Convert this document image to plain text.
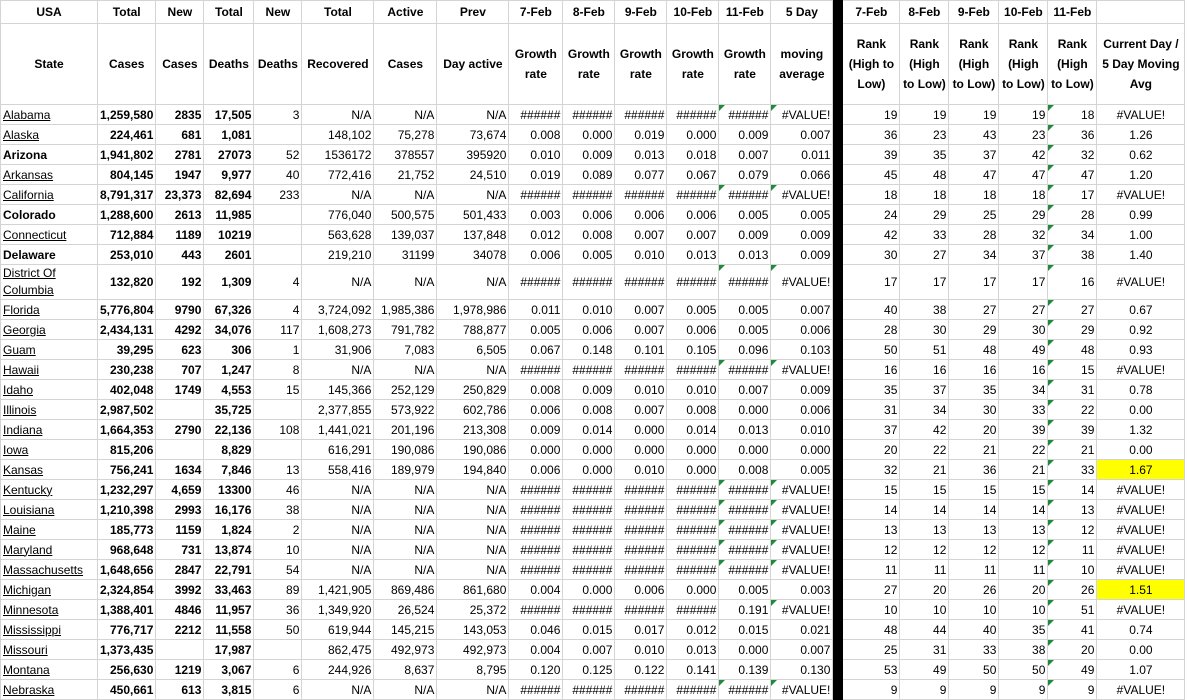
USA	Total	New	Total	New	Total	Active	Prev	7-Feb	8-Feb	9-Feb	10-Feb	11-Feb	5 Day		7-Feb	8-Feb	9-Feb	10-Feb	11-Feb	
State	Cases	Cases	Deaths	Deaths	Recovered	Cases	Day active	Growth rate	Growth rate	Growth rate	Growth rate	Growth rate	moving average		Rank (High to Low)	Rank (High to Low)	Rank (High to Low)	Rank (High to Low)	Rank (High to Low)	Current Day / 5 Day Moving Avg
Alabama	1,259,580	2835	17,505	3	N/A	N/A	N/A	######	######	######	######	######	#VALUE!		19	19	19	19	18	#VALUE!
Alaska	224,461	681	1,081		148,102	75,278	73,674	0.008	0.000	0.019	0.000	0.009	0.007		36	23	43	23	36	1.26
Arizona	1,941,802	2781	27073	52	1536172	378557	395920	0.010	0.009	0.013	0.018	0.007	0.011		39	35	37	42	32	0.62
Arkansas	804,145	1947	9,977	40	772,416	21,752	24,510	0.019	0.089	0.077	0.067	0.079	0.066		45	48	47	47	47	1.20
California	8,791,317	23,373	82,694	233	N/A	N/A	N/A	######	######	######	######	######	#VALUE!		18	18	18	18	17	#VALUE!
Colorado	1,288,600	2613	11,985		776,040	500,575	501,433	0.003	0.006	0.006	0.006	0.005	0.005		24	29	25	29	28	0.99
Connecticut	712,884	1189	10219		563,628	139,037	137,848	0.012	0.008	0.007	0.007	0.009	0.009		42	33	28	32	34	1.00
Delaware	253,010	443	2601		219,210	31199	34078	0.006	0.005	0.010	0.013	0.013	0.009		30	27	34	37	38	1.40
District Of Columbia	132,820	192	1,309	4	N/A	N/A	N/A	######	######	######	######	######	#VALUE!		17	17	17	17	16	#VALUE!
Florida	5,776,804	9790	67,326	4	3,724,092	1,985,386	1,978,986	0.011	0.010	0.007	0.005	0.005	0.007		40	38	27	27	27	0.67
Georgia	2,434,131	4292	34,076	117	1,608,273	791,782	788,877	0.005	0.006	0.007	0.006	0.005	0.006		28	30	29	30	29	0.92
Guam	39,295	623	306	1	31,906	7,083	6,505	0.067	0.148	0.101	0.105	0.096	0.103		50	51	48	49	48	0.93
Hawaii	230,238	707	1,247	8	N/A	N/A	N/A	######	######	######	######	######	#VALUE!		16	16	16	16	15	#VALUE!
Idaho	402,048	1749	4,553	15	145,366	252,129	250,829	0.008	0.009	0.010	0.010	0.007	0.009		35	37	35	34	31	0.78
Illinois	2,987,502		35,725		2,377,855	573,922	602,786	0.006	0.008	0.007	0.008	0.000	0.006		31	34	30	33	22	0.00
Indiana	1,664,353	2790	22,136	108	1,441,021	201,196	213,308	0.009	0.014	0.000	0.014	0.013	0.010		37	42	20	39	39	1.32
Iowa	815,206		8,829		616,291	190,086	190,086	0.000	0.000	0.000	0.000	0.000	0.000		20	22	21	22	21	0.00
Kansas	756,241	1634	7,846	13	558,416	189,979	194,840	0.006	0.000	0.010	0.000	0.008	0.005		32	21	36	21	33	1.67
Kentucky	1,232,297	4,659	13300	46	N/A	N/A	N/A	######	######	######	######	######	#VALUE!		15	15	15	15	14	#VALUE!
Louisiana	1,210,398	2993	16,176	38	N/A	N/A	N/A	######	######	######	######	######	#VALUE!		14	14	14	14	13	#VALUE!
Maine	185,773	1159	1,824	2	N/A	N/A	N/A	######	######	######	######	######	#VALUE!		13	13	13	13	12	#VALUE!
Maryland	968,648	731	13,874	10	N/A	N/A	N/A	######	######	######	######	######	#VALUE!		12	12	12	12	11	#VALUE!
Massachusetts	1,648,656	2847	22,791	54	N/A	N/A	N/A	######	######	######	######	######	#VALUE!		11	11	11	11	10	#VALUE!
Michigan	2,324,854	3992	33,463	89	1,421,905	869,486	861,680	0.004	0.000	0.006	0.000	0.005	0.003		27	20	26	20	26	1.51
Minnesota	1,388,401	4846	11,957	36	1,349,920	26,524	25,372	######	######	######	######	0.191	#VALUE!		10	10	10	10	51	#VALUE!
Mississippi	776,717	2212	11,558	50	619,944	145,215	143,053	0.046	0.015	0.017	0.012	0.015	0.021		48	44	40	35	41	0.74
Missouri	1,373,435		17,987		862,475	492,973	492,973	0.004	0.007	0.010	0.013	0.000	0.007		25	31	33	38	20	0.00
Montana	256,630	1219	3,067	6	244,926	8,637	8,795	0.120	0.125	0.122	0.141	0.139	0.130		53	49	50	50	49	1.07
Nebraska	450,661	613	3,815	6	N/A	N/A	N/A	######	######	######	######	######	#VALUE!		9	9	9	9	9	#VALUE!
